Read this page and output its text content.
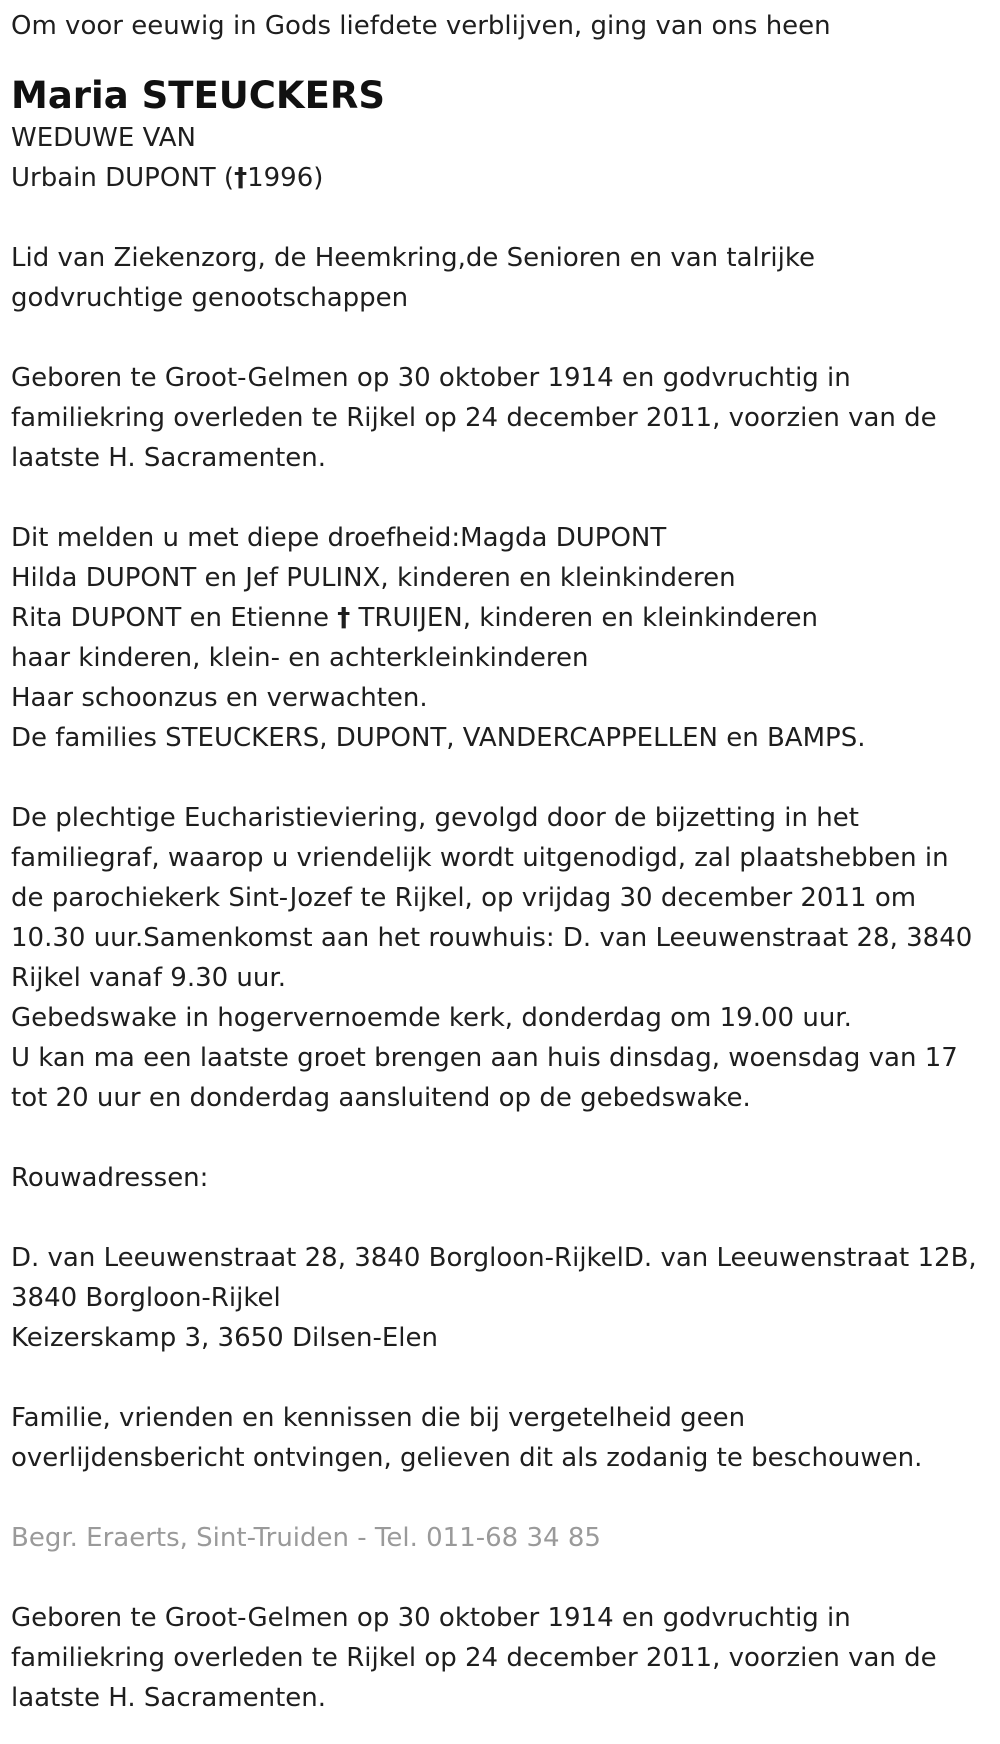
Om voor eeuwig in Gods liefdete verblijven, ging van ons heen
Maria STEUCKERS
WEDUWE VAN
Urbain DUPONT (†1996)
Lid van Ziekenzorg, de Heemkring,de Senioren en van talrijke
godvruchtige genootschappen
Geboren te Groot-Gelmen op 30 oktober 1914 en godvruchtig in
familiekring overleden te Rijkel op 24 december 2011, voorzien van de
laatste H. Sacramenten.
Dit melden u met diepe droefheid:Magda DUPONT
Hilda DUPONT en Jef PULINX, kinderen en kleinkinderen
Rita DUPONT en Etienne † TRUIJEN, kinderen en kleinkinderen
haar kinderen, klein- en achterkleinkinderen
Haar schoonzus en verwachten.
De families STEUCKERS, DUPONT, VANDERCAPPELLEN en BAMPS.
De plechtige Eucharistieviering, gevolgd door de bijzetting in het
familiegraf, waarop u vriendelijk wordt uitgenodigd, zal plaatshebben in
de parochiekerk Sint-Jozef te Rijkel, op vrijdag 30 december 2011 om
10.30 uur.Samenkomst aan het rouwhuis: D. van Leeuwenstraat 28, 3840
Rijkel vanaf 9.30 uur.
Gebedswake in hogervernoemde kerk, donderdag om 19.00 uur.
U kan ma een laatste groet brengen aan huis dinsdag, woensdag van 17
tot 20 uur en donderdag aansluitend op de gebedswake.
Rouwadressen:
D. van Leeuwenstraat 28, 3840 Borgloon-RijkelD. van Leeuwenstraat 12B,
3840 Borgloon-Rijkel
Keizerskamp 3, 3650 Dilsen-Elen
Familie, vrienden en kennissen die bij vergetelheid geen
overlijdensbericht ontvingen, gelieven dit als zodanig te beschouwen.
Begr. Eraerts, Sint-Truiden - Tel. 011-68 34 85
Geboren te Groot-Gelmen op 30 oktober 1914 en godvruchtig in
familiekring overleden te Rijkel op 24 december 2011, voorzien van de
laatste H. Sacramenten.
